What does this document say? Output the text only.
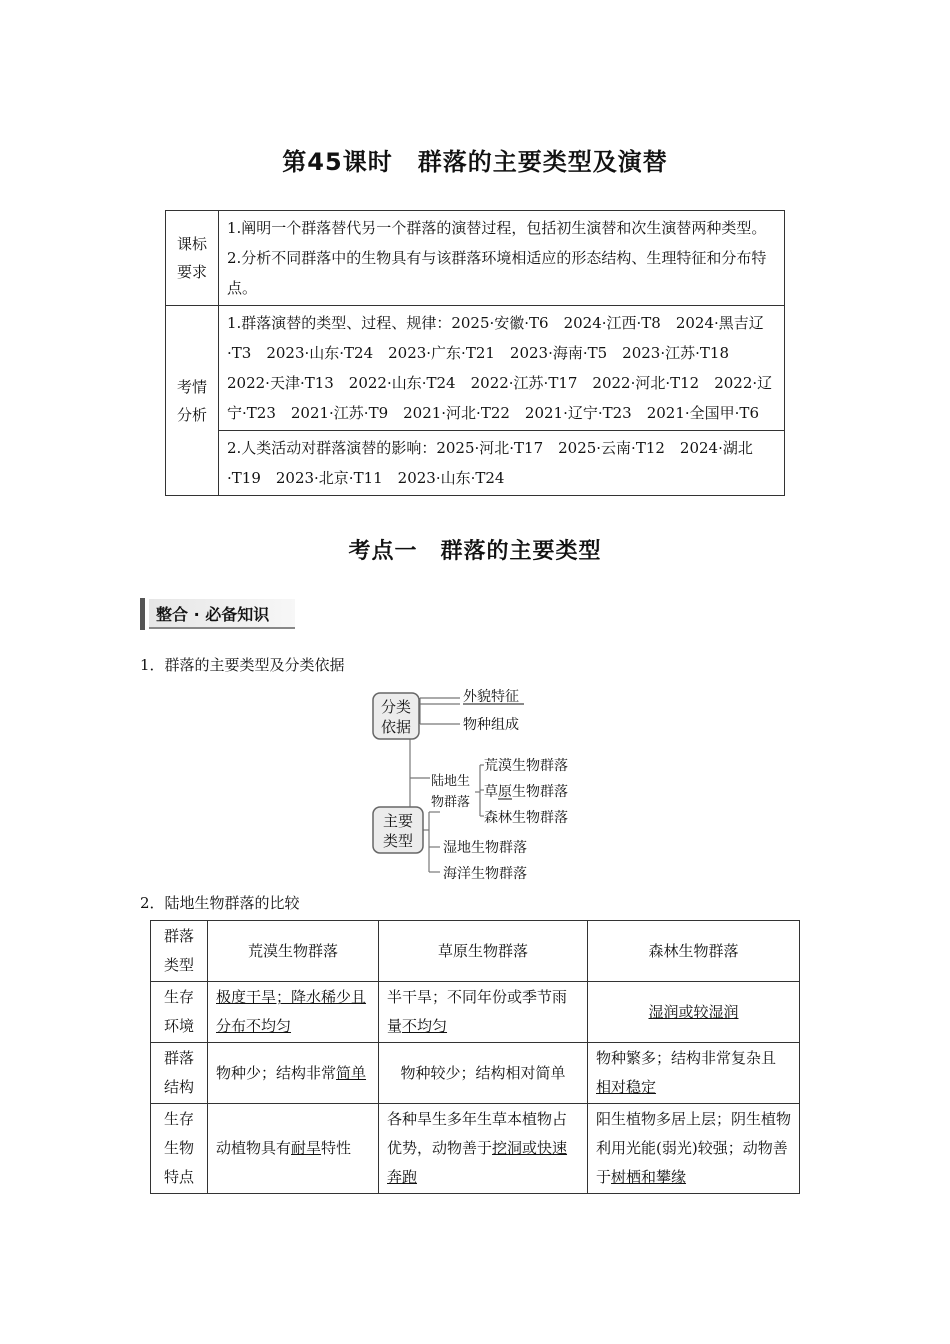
第45课时　群落的主要类型及演替
课标
要求	1.阐明一个群落替代另一个群落的演替过程，包括初生演替和次生演替两种类型。2.分析不同群落中的生物具有与该群落环境相适应的形态结构、生理特征和分布特点。

考情
分析	1.群落演替的类型、过程、规律：2025·安徽·T6　2024·江西·T8　2024·黑吉辽·T3　2023·山东·T24　2023·广东·T21　2023·海南·T5　2023·江苏·T18　2022·天津·T13　2022·山东·T24　2022·江苏·T17　2022·河北·T12　2022·辽宁·T23　2021·江苏·T9　2021·河北·T22　2021·辽宁·T23　2021·全国甲·T6
	2.人类活动对群落演替的影响：2025·河北·T17　2025·云南·T12　2024·湖北·T19　2023·北京·T11　2023·山东·T24
考点一　群落的主要类型
整合 · 必备知识
1．群落的主要类型及分类依据
分类
依据
外貌特征
物种组成
主要
类型
陆地生
物群落
荒漠生物群落
草原生物群落
森林生物群落
湿地生物群落
海洋生物群落
2．陆地生物群落的比较
群落
类型	荒漠生物群落	草原生物群落	森林生物群落
生存
环境	极度干旱；降水稀少且分布不均匀	半干旱；不同年份或季节雨量不均匀	湿润或较湿润
群落
结构	物种少；结构非常简单	物种较少；结构相对简单	物种繁多；结构非常复杂且相对稳定
生存
生物
特点	动植物具有耐旱特性	各种旱生多年生草本植物占优势，动物善于挖洞或快速奔跑	阳生植物多居上层；阴生植物利用光能(弱光)较强；动物善于树栖和攀缘
